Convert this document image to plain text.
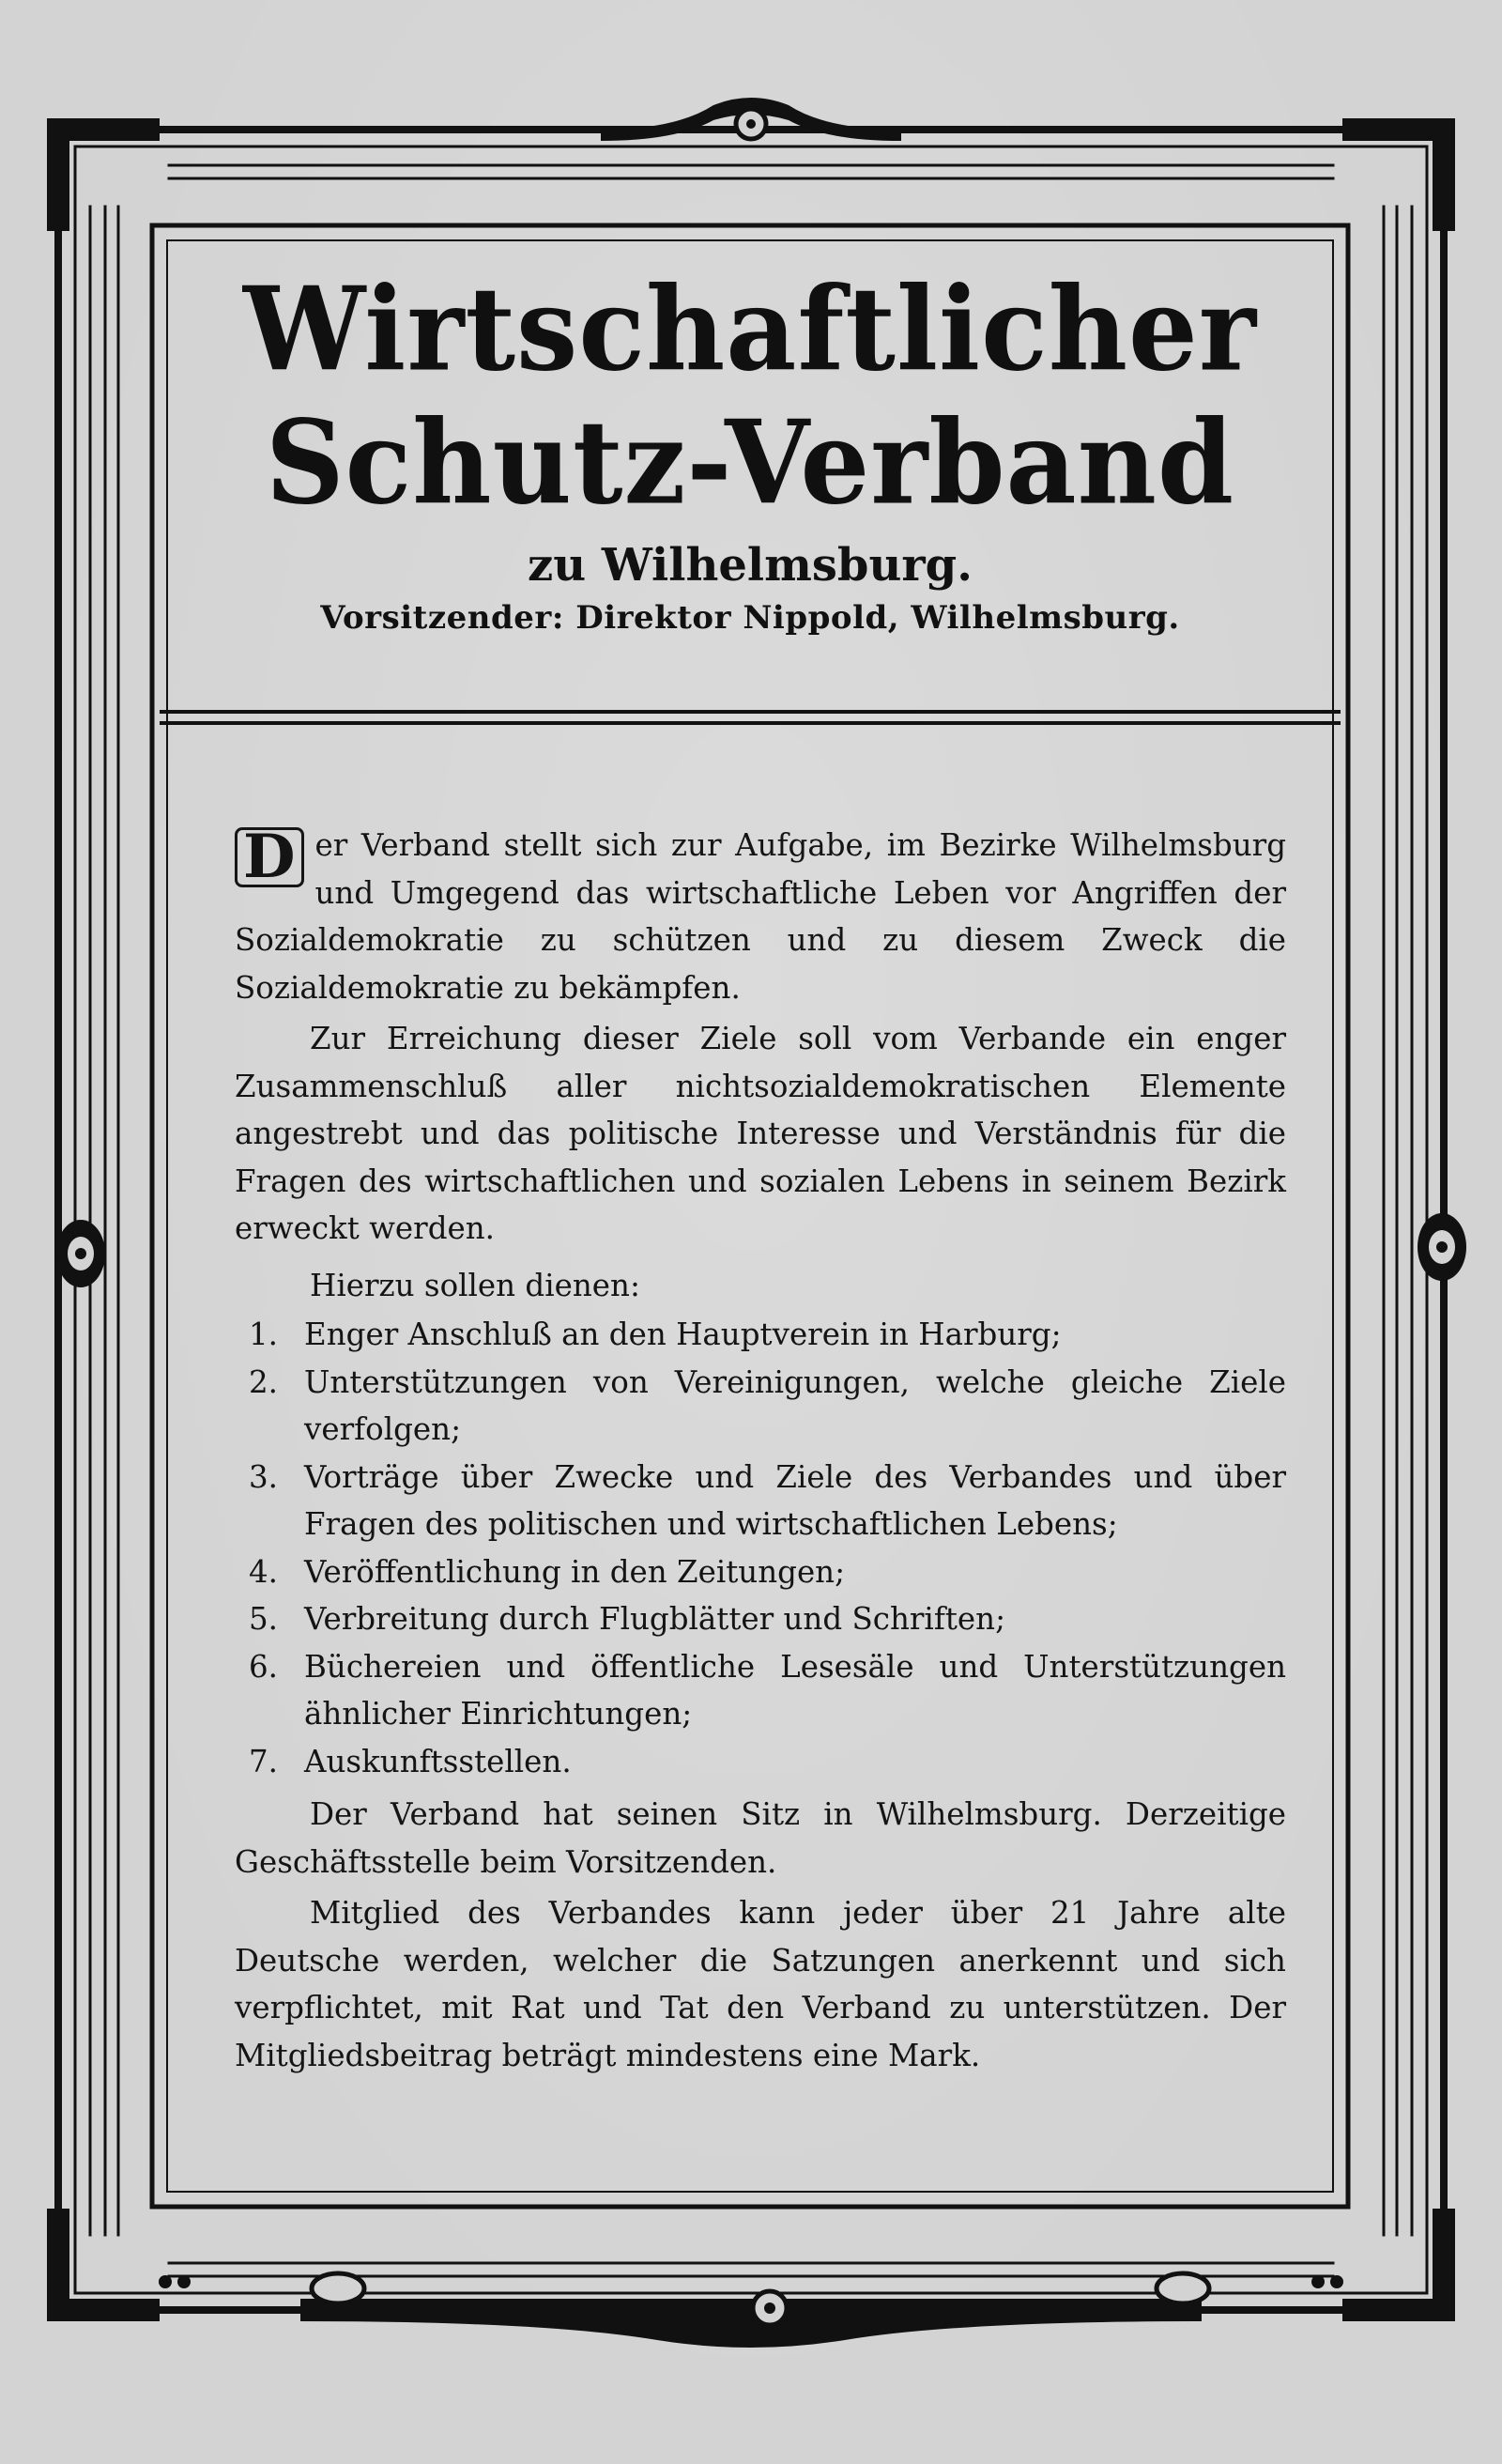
Wirtschaftlicher
Schutz-Verband
zu Wilhelmsburg.
Vorsitzender: Direktor Nippold, Wilhelmsburg.

D er Verband stellt sich zur Aufgabe, im Bezirke Wilhelmsburg und Umgegend das wirtschaftliche Leben vor Angriffen der Sozialdemokratie zu schützen und zu diesem Zweck die Sozialdemokratie zu bekämpfen.

Zur Erreichung dieser Ziele soll vom Verbande ein enger Zusammenschluß aller nichtsozialdemokratischen Elemente angestrebt und das politische Interesse und Verständnis für die Fragen des wirtschaftlichen und sozialen Lebens in seinem Bezirk erweckt werden.

Hierzu sollen dienen:

1. Enger Anschluß an den Hauptverein in Harburg;
2. Unterstützungen von Vereinigungen, welche gleiche Ziele verfolgen;
3. Vorträge über Zwecke und Ziele des Verbandes und über Fragen des politischen und wirtschaftlichen Lebens;
4. Veröffentlichung in den Zeitungen;
5. Verbreitung durch Flugblätter und Schriften;
6. Büchereien und öffentliche Lesesäle und Unterstützungen ähnlicher Einrichtungen;
7. Auskunftsstellen.

Der Verband hat seinen Sitz in Wilhelmsburg. Derzeitige Geschäftsstelle beim Vorsitzenden.

Mitglied des Verbandes kann jeder über 21 Jahre alte Deutsche werden, welcher die Satzungen anerkennt und sich verpflichtet, mit Rat und Tat den Verband zu unterstützen. Der Mitgliedsbeitrag beträgt mindestens eine Mark.
